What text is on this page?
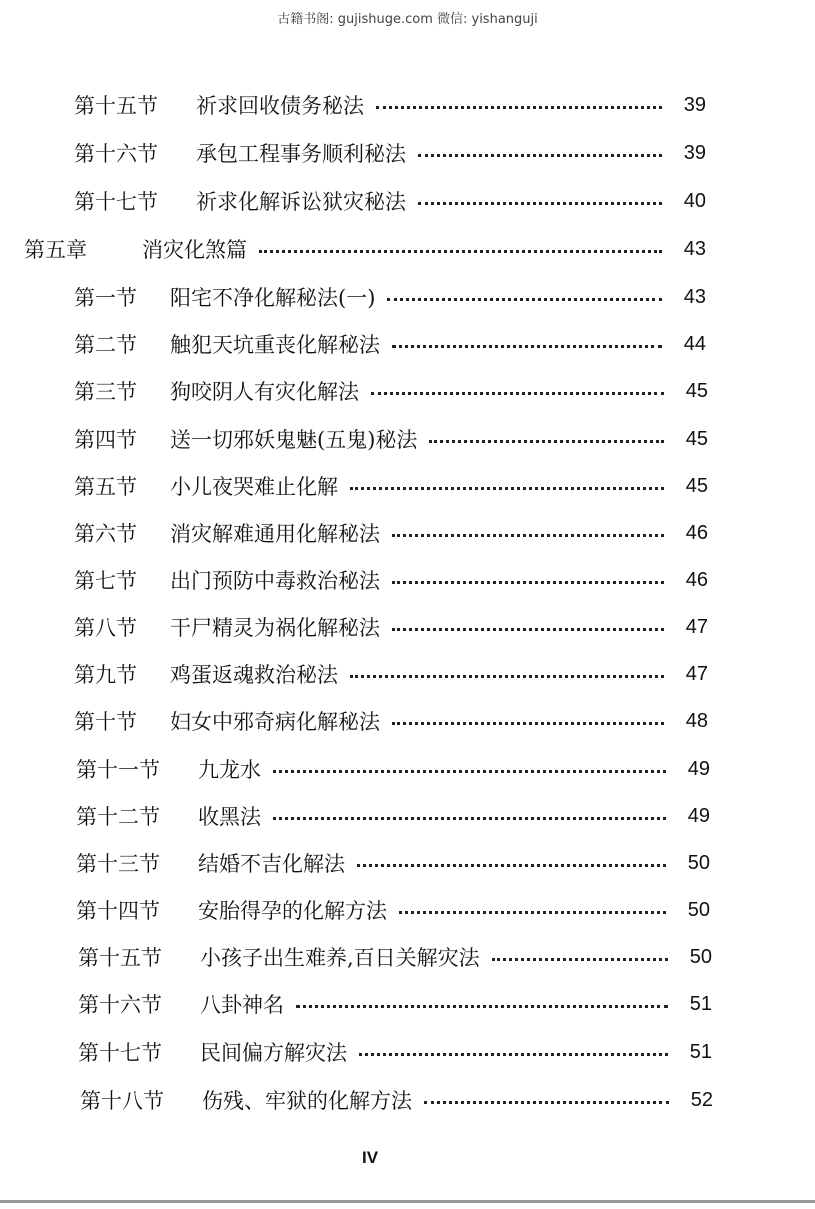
古籍书阁: gujishuge.com 微信: yishanguji
第十五节	祈求回收债务秘法	39
第十六节	承包工程事务顺利秘法	39
第十七节	祈求化解诉讼狱灾秘法	40
第五章	消灾化煞篇	43
第一节	阳宅不净化解秘法(一)	43
第二节	触犯天坑重丧化解秘法	44
第三节	狗咬阴人有灾化解法	45
第四节	送一切邪妖鬼魅(五鬼)秘法	45
第五节	小儿夜哭难止化解	45
第六节	消灾解难通用化解秘法	46
第七节	出门预防中毒救治秘法	46
第八节	干尸精灵为祸化解秘法	47
第九节	鸡蛋返魂救治秘法	47
第十节	妇女中邪奇病化解秘法	48
第十一节	九龙水	49
第十二节	收黑法	49
第十三节	结婚不吉化解法	50
第十四节	安胎得孕的化解方法	50
第十五节	小孩子出生难养,百日关解灾法	50
第十六节	八卦神名	51
第十七节	民间偏方解灾法	51
第十八节	伤残、牢狱的化解方法	52
IV
